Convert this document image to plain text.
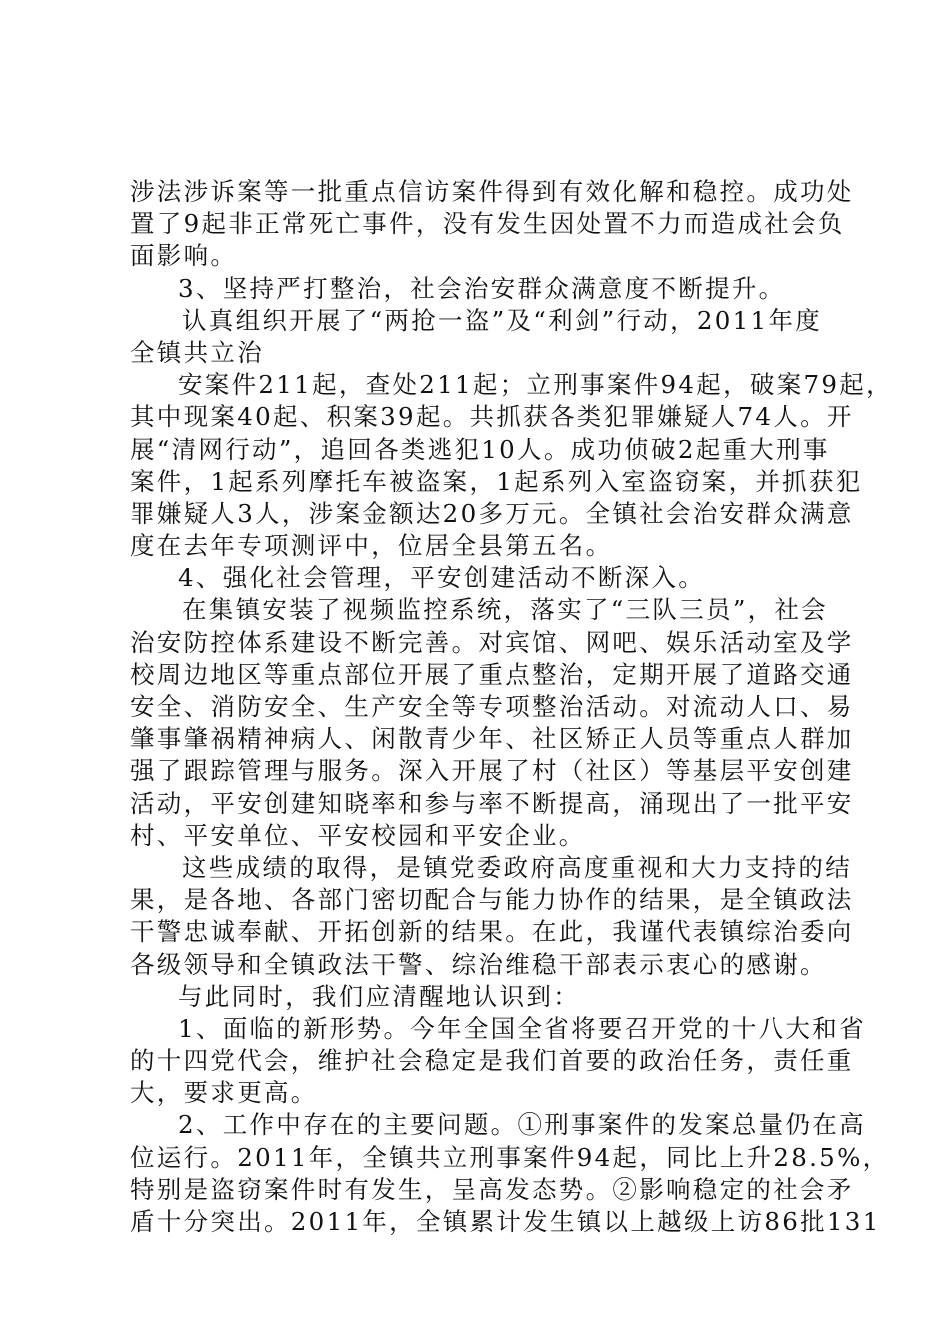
涉法涉诉案等一批重点信访案件得到有效化解和稳控。成功处
置了9起非正常死亡事件，没有发生因处置不力而造成社会负
面影响。
3、坚持严打整治，社会治安群众满意度不断提升。
认真组织开展了“两抢一盗”及“利剑”行动，2011年度
全镇共立治
安案件211起，查处211起；立刑事案件94起，破案79起，
其中现案40起、积案39起。共抓获各类犯罪嫌疑人74人。开
展“清网行动”，追回各类逃犯10人。成功侦破2起重大刑事
案件，1起系列摩托车被盗案，1起系列入室盗窃案，并抓获犯
罪嫌疑人3人，涉案金额达20多万元。全镇社会治安群众满意
度在去年专项测评中，位居全县第五名。
4、强化社会管理，平安创建活动不断深入。
在集镇安装了视频监控系统，落实了“三队三员”，社会
治安防控体系建设不断完善。对宾馆、网吧、娱乐活动室及学
校周边地区等重点部位开展了重点整治，定期开展了道路交通
安全、消防安全、生产安全等专项整治活动。对流动人口、易
肇事肇祸精神病人、闲散青少年、社区矫正人员等重点人群加
强了跟踪管理与服务。深入开展了村（社区）等基层平安创建
活动，平安创建知晓率和参与率不断提高，涌现出了一批平安
村、平安单位、平安校园和平安企业。
这些成绩的取得，是镇党委政府高度重视和大力支持的结
果，是各地、各部门密切配合与能力协作的结果，是全镇政法
干警忠诚奉献、开拓创新的结果。在此，我谨代表镇综治委向
各级领导和全镇政法干警、综治维稳干部表示衷心的感谢。
与此同时，我们应清醒地认识到：
1、面临的新形势。今年全国全省将要召开党的十八大和省
的十四党代会，维护社会稳定是我们首要的政治任务，责任重
大，要求更高。
2、工作中存在的主要问题。①刑事案件的发案总量仍在高
位运行。2011年，全镇共立刑事案件94起，同比上升28.5%，
特别是盗窃案件时有发生，呈高发态势。②影响稳定的社会矛
盾十分突出。2011年，全镇累计发生镇以上越级上访86批131
